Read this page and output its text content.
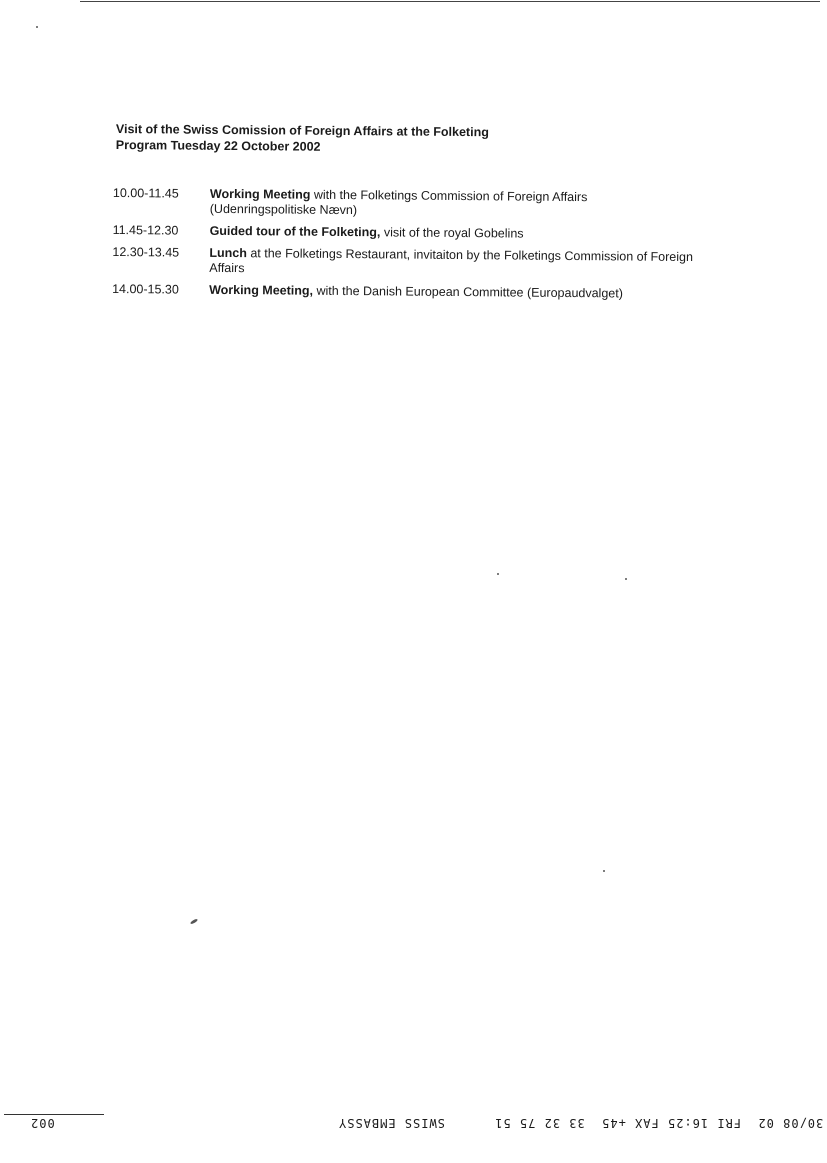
Visit of the Swiss Comission of Foreign Affairs at the Folketing
Program Tuesday 22 October 2002
10.00-11.45	Working Meeting with the Folketings Commission of Foreign Affairs
(Udenringspolitiske Nævn)
11.45-12.30	Guided tour of the Folketing, visit of the royal Gobelins
12.30-13.45	Lunch at the Folketings Restaurant, invitaiton by the Folketings Commission of Foreign
Affairs
14.00-15.30	Working Meeting, with the Danish European Committee (Europaudvalget)
002	30/08 02  FRI 16:25 FAX +45  33 32 75 51      SWISS EMBASSY
